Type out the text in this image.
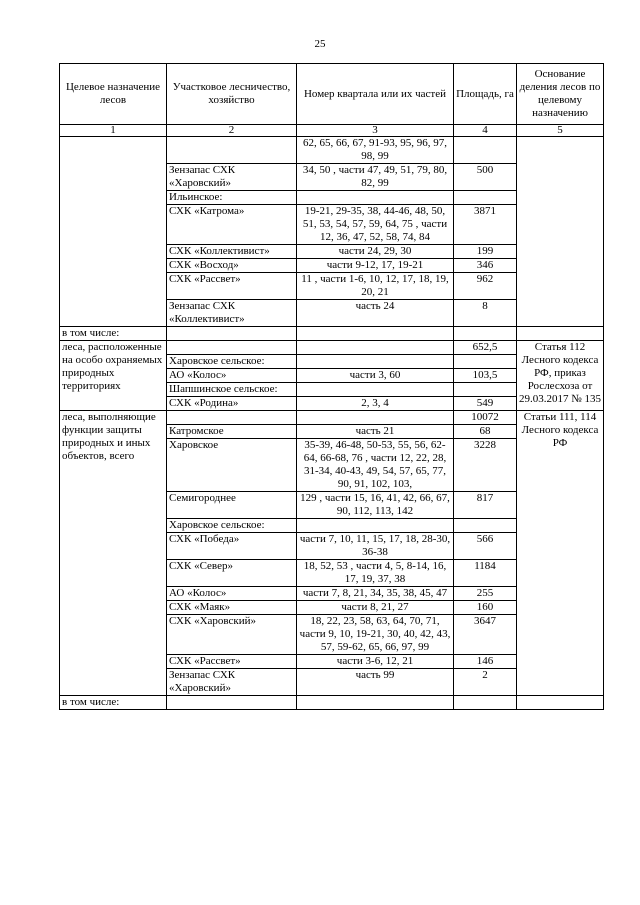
25
Целевое назначение лесов	Участковое лесничество, хозяйство	Номер квартала или их частей	Площадь, га	Основание деления лесов по целевому назначению
1	2	3	4	5
		62, 65, 66, 67, 91-93, 95, 96, 97, 98, 99		
	Зензапас СХК «Харовский»	34, 50 , части 47, 49, 51, 79, 80, 82, 99	500	
	Ильинское:			
	СХК «Катрома»	19-21, 29-35, 38, 44-46, 48, 50, 51, 53, 54, 57, 59, 64, 75 , части 12, 36, 47, 52, 58, 74, 84	3871	
	СХК «Коллективист»	части 24, 29, 30	199	
	СХК «Восход»	части 9-12, 17, 19-21	346	
	СХК «Рассвет»	11 , части 1-6, 10, 12, 17, 18, 19, 20, 21	962	
	Зензапас СХК «Коллективист»	часть 24	8	
в том числе:				
леса, расположенные на особо охраняемых природных территориях			652,5	Статья 112 Лесного кодекса РФ, приказ Рослесхоза от 29.03.2017 № 135
	Харовское сельское:			
	АО «Колос»	части 3, 60	103,5	
	Шапшинское сельское:			
	СХК «Родина»	2, 3, 4	549	
леса, выполняющие функции защиты природных и иных объектов, всего			10072	Статьи 111, 114 Лесного кодекса РФ
	Катромское	часть 21	68	
	Харовское	35-39, 46-48, 50-53, 55, 56, 62-64, 66-68, 76 , части 12, 22, 28, 31-34, 40-43, 49, 54, 57, 65, 77, 90, 91, 102, 103,	3228	
	Семигороднее	129 , части 15, 16, 41, 42, 66, 67, 90, 112, 113, 142	817	
	Харовское сельское:			
	СХК «Победа»	части 7, 10, 11, 15, 17, 18, 28-30, 36-38	566	
	СХК «Север»	18, 52, 53 , части 4, 5, 8-14, 16, 17, 19, 37, 38	1184	
	АО «Колос»	части 7, 8, 21, 34, 35, 38, 45, 47	255	
	СХК «Маяк»	части 8, 21, 27	160	
	СХК «Харовский»	18, 22, 23, 58, 63, 64, 70, 71, части 9, 10, 19-21, 30, 40, 42, 43, 57, 59-62, 65, 66, 97, 99	3647	
	СХК «Рассвет»	части 3-6, 12, 21	146	
	Зензапас СХК «Харовский»	часть 99	2	
в том числе:				
